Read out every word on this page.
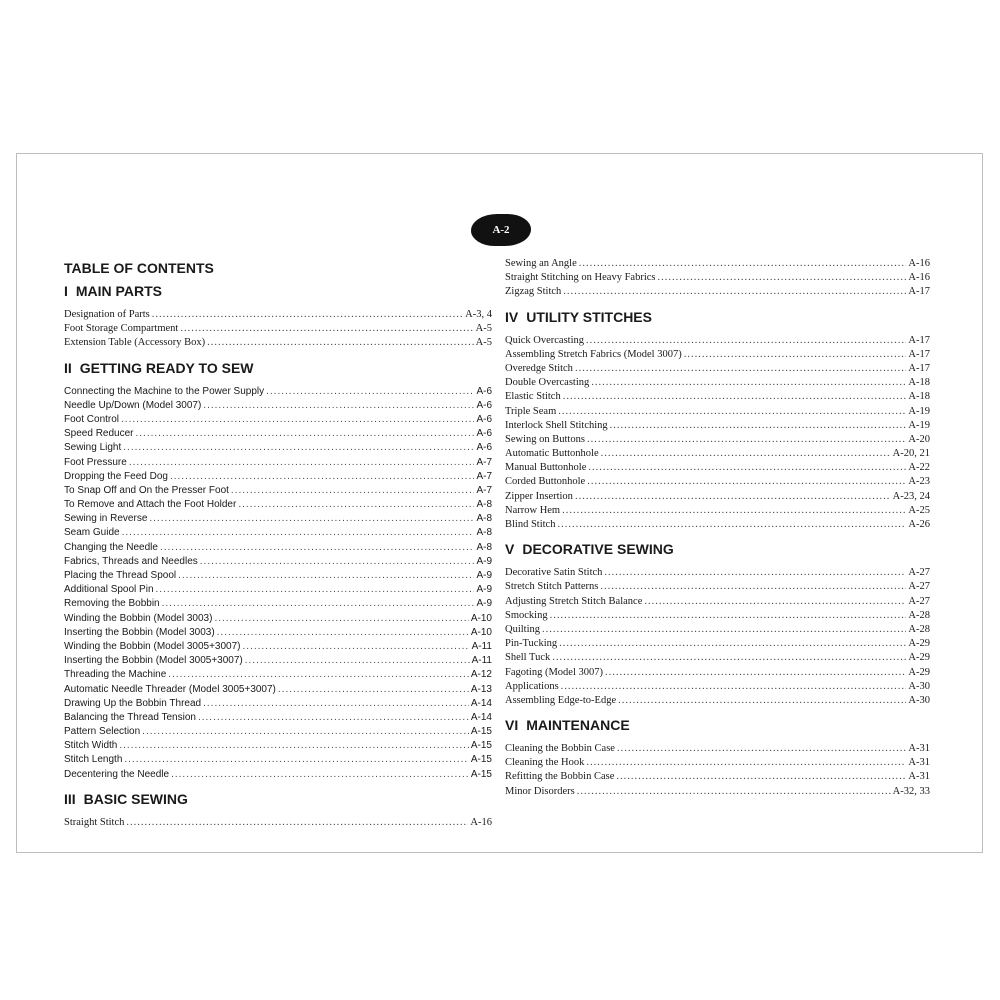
A-2
TABLE OF CONTENTS
I MAIN PARTS
Designation of Parts .....	A-3, 4
Foot Storage Compartment .....	A-5
Extension Table (Accessory Box) .....	A-5
II GETTING READY TO SEW
Connecting the Machine to the Power Supply .....	A-6
Needle Up/Down (Model 3007) .....	A-6
Foot Control .....	A-6
Speed Reducer .....	A-6
Sewing Light .....	A-6
Foot Pressure .....	A-7
Dropping the Feed Dog .....	A-7
To Snap Off and On the Presser Foot .....	A-7
To Remove and Attach the Foot Holder .....	A-8
Sewing in Reverse .....	A-8
Seam Guide .....	A-8
Changing the Needle .....	A-8
Fabrics, Threads and Needles .....	A-9
Placing the Thread Spool .....	A-9
Additional Spool Pin .....	A-9
Removing the Bobbin .....	A-9
Winding the Bobbin (Model 3003) .....	A-10
Inserting the Bobbin (Model 3003) .....	A-10
Winding the Bobbin (Model 3005+3007) .....	A-11
Inserting the Bobbin (Model 3005+3007) .....	A-11
Threading the Machine .....	A-12
Automatic Needle Threader (Model 3005+3007) .....	A-13
Drawing Up the Bobbin Thread .....	A-14
Balancing the Thread Tension .....	A-14
Pattern Selection .....	A-15
Stitch Width .....	A-15
Stitch Length .....	A-15
Decentering the Needle .....	A-15
III BASIC SEWING
Straight Stitch .....	A-16
Sewing an Angle .....	A-16
Straight Stitching on Heavy Fabrics .....	A-16
Zigzag Stitch .....	A-17
IV UTILITY STITCHES
Quick Overcasting .....	A-17
Assembling Stretch Fabrics (Model 3007) .....	A-17
Overedge Stitch .....	A-17
Double Overcasting .....	A-18
Elastic Stitch .....	A-18
Triple Seam .....	A-19
Interlock Shell Stitching .....	A-19
Sewing on Buttons .....	A-20
Automatic Buttonhole .....	A-20, 21
Manual Buttonhole .....	A-22
Corded Buttonhole .....	A-23
Zipper Insertion .....	A-23, 24
Narrow Hem .....	A-25
Blind Stitch .....	A-26
V DECORATIVE SEWING
Decorative Satin Stitch .....	A-27
Stretch Stitch Patterns .....	A-27
Adjusting Stretch Stitch Balance .....	A-27
Smocking .....	A-28
Quilting .....	A-28
Pin-Tucking .....	A-29
Shell Tuck .....	A-29
Fagoting (Model 3007) .....	A-29
Applications .....	A-30
Assembling Edge-to-Edge .....	A-30
VI MAINTENANCE
Cleaning the Bobbin Case .....	A-31
Cleaning the Hook .....	A-31
Refitting the Bobbin Case .....	A-31
Minor Disorders .....	A-32, 33
